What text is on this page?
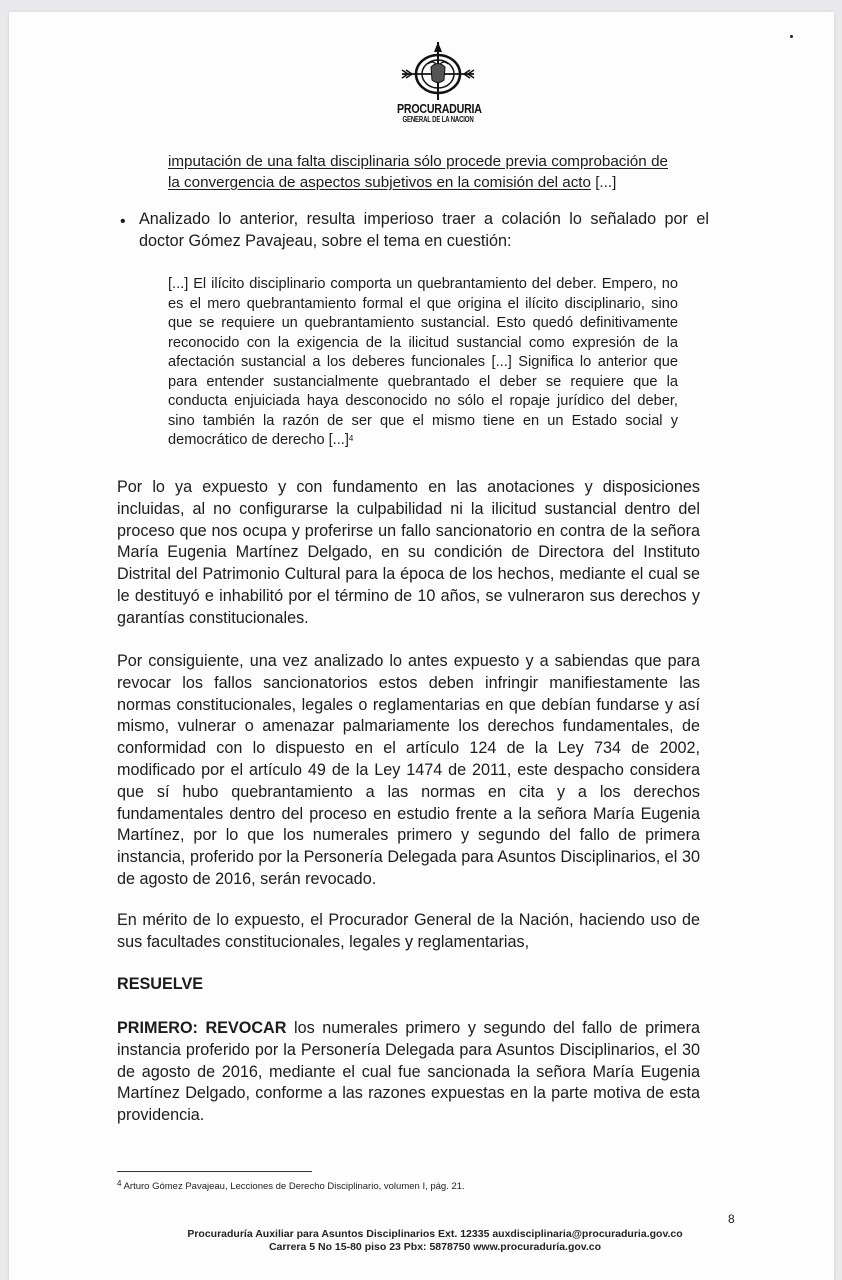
PROCURADURIA
GENERAL DE LA NACION
imputación de una falta disciplinaria sólo procede previa comprobación de la convergencia de aspectos subjetivos en la comisión del acto [...]
• Analizado lo anterior, resulta imperioso traer a colación lo señalado por el doctor Gómez Pavajeau, sobre el tema en cuestión:
[...] El ilícito disciplinario comporta un quebrantamiento del deber. Empero, no es el mero quebrantamiento formal el que origina el ilícito disciplinario, sino que se requiere un quebrantamiento sustancial. Esto quedó definitivamente reconocido con la exigencia de la ilicitud sustancial como expresión de la afectación sustancial a los deberes funcionales [...] Significa lo anterior que para entender sustancialmente quebrantado el deber se requiere que la conducta enjuiciada haya desconocido no sólo el ropaje jurídico del deber, sino también la razón de ser que el mismo tiene en un Estado social y democrático de derecho [...]$^4$
Por lo ya expuesto y con fundamento en las anotaciones y disposiciones incluidas, al no configurarse la culpabilidad ni la ilicitud sustancial dentro del proceso que nos ocupa y proferirse un fallo sancionatorio en contra de la señora María Eugenia Martínez Delgado, en su condición de Directora del Instituto Distrital del Patrimonio Cultural para la época de los hechos, mediante el cual se le destituyó e inhabilitó por el término de 10 años, se vulneraron sus derechos y garantías constitucionales.
Por consiguiente, una vez analizado lo antes expuesto y a sabiendas que para revocar los fallos sancionatorios estos deben infringir manifiestamente las normas constitucionales, legales o reglamentarias en que debían fundarse y así mismo, vulnerar o amenazar palmariamente los derechos fundamentales, de conformidad con lo dispuesto en el artículo 124 de la Ley 734 de 2002, modificado por el artículo 49 de la Ley 1474 de 2011, este despacho considera que sí hubo quebrantamiento a las normas en cita y a los derechos fundamentales dentro del proceso en estudio frente a la señora María Eugenia Martínez, por lo que los numerales primero y segundo del fallo de primera instancia, proferido por la Personería Delegada para Asuntos Disciplinarios, el 30 de agosto de 2016, serán revocado.
En mérito de lo expuesto, el Procurador General de la Nación, haciendo uso de sus facultades constitucionales, legales y reglamentarias,
RESUELVE
PRIMERO: REVOCAR los numerales primero y segundo del fallo de primera instancia proferido por la Personería Delegada para Asuntos Disciplinarios, el 30 de agosto de 2016, mediante el cual fue sancionada la señora María Eugenia Martínez Delgado, conforme a las razones expuestas en la parte motiva de esta providencia.
$^4$ Arturo Gómez Pavajeau, Lecciones de Derecho Disciplinario, volumen I, pág. 21.
8
Procuraduría Auxiliar para Asuntos Disciplinarios Ext. 12335 auxdisciplinaria@procuraduria.gov.co
Carrera 5 No 15-80 piso 23 Pbx: 5878750 www.procuraduría.gov.co
